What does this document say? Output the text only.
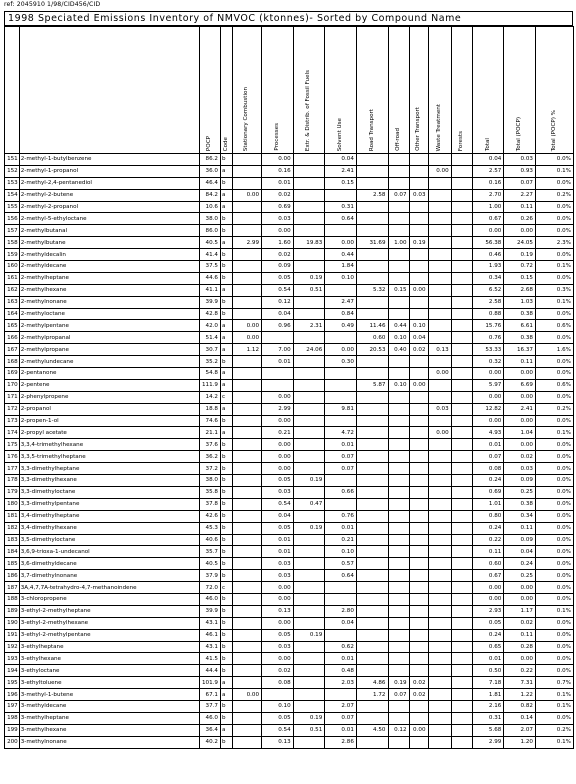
ref: 2045910 1/98/CID456/CID
1998 Speciated Emissions Inventory of NMVOC (ktonnes)- Sorted by Compound Name
		POCP	Code	Stationary Combustion	Processes	Extr. & Distrib. of Fossil Fuels	Solvent Use	Road Transport	Off-road	Other Transport	Waste Treatment	Forests	Total	Total (POCP)	Total (POCP) %
151	2-methyl-1-butylbenzene	86.2	b		0.00		0.04						0.04	0.03	0.0%
152	2-methyl-1-propanol	36.0	a		0.16		2.41				0.00		2.57	0.93	0.1%
153	2-methyl-2,4-pentanediol	46.4	b		0.01		0.15						0.16	0.07	0.0%
154	2-methyl-2-butene	84.2	a	0.00	0.02			2.58	0.07	0.03			2.70	2.27	0.2%
155	2-methyl-2-propanol	10.6	a		0.69		0.31						1.00	0.11	0.0%
156	2-methyl-5-ethyloctane	38.0	b		0.03		0.64						0.67	0.26	0.0%
157	2-methylbutanal	86.0	b		0.00								0.00	0.00	0.0%
158	2-methylbutane	40.5	a	2.99	1.60	19.83	0.00	31.69	1.00	0.19			56.38	24.05	2.3%
159	2-methyldecalin	41.4	b		0.02		0.44						0.46	0.19	0.0%
160	2-methyldecane	37.5	b		0.09		1.84						1.93	0.72	0.1%
161	2-methylheptane	44.6	b		0.05	0.19	0.10						0.34	0.15	0.0%
162	2-methylhexane	41.1	a		0.54	0.51		5.32	0.15	0.00			6.52	2.68	0.3%
163	2-methylnonane	39.9	b		0.12		2.47						2.58	1.03	0.1%
164	2-methyloctane	42.8	b		0.04		0.84						0.88	0.38	0.0%
165	2-methylpentane	42.0	a	0.00	0.96	2.31	0.49	11.46	0.44	0.10			15.76	6.61	0.6%
166	2-methylpropanal	51.4	a	0.00				0.60	0.10	0.04			0.76	0.38	0.0%
167	2-methylpropane	30.7	a	1.12	7.00	24.06	0.00	20.53	0.40	0.02	0.13		53.33	16.37	1.6%
168	2-methylundecane	35.2	b		0.01		0.30						0.32	0.11	0.0%
169	2-pentanone	54.8	a								0.00		0.00	0.00	0.0%
170	2-pentene	111.9	a					5.87	0.10	0.00			5.97	6.69	0.6%
171	2-phenylpropene	14.2	c		0.00								0.00	0.00	0.0%
172	2-propanol	18.8	a		2.99		9.81				0.03		12.82	2.41	0.2%
173	2-propen-1-ol	74.6	b		0.00								0.00	0.00	0.0%
174	2-propyl acetate	21.1	a		0.21		4.72				0.00		4.93	1.04	0.1%
175	3,3,4-trimethylhexane	37.6	b		0.00		0.01						0.01	0.00	0.0%
176	3,3,5-trimethylheptane	36.2	b		0.00		0.07						0.07	0.02	0.0%
177	3,3-dimethylheptane	37.2	b		0.00		0.07						0.08	0.03	0.0%
178	3,3-dimethylhexane	38.0	b		0.05	0.19							0.24	0.09	0.0%
179	3,3-dimethyloctane	35.8	b		0.03		0.66						0.69	0.25	0.0%
180	3,3-dimethylpentane	37.8	b		0.54	0.47							1.01	0.38	0.0%
181	3,4-dimethylheptane	42.6	b		0.04		0.76						0.80	0.34	0.0%
182	3,4-dimethylhexane	45.3	b		0.05	0.19	0.01						0.24	0.11	0.0%
183	3,5-dimethyloctane	40.6	b		0.01		0.21						0.22	0.09	0.0%
184	3,6,9-trioxa-1-undecanol	35.7	b		0.01		0.10						0.11	0.04	0.0%
185	3,6-dimethyldecane	40.5	b		0.03		0.57						0.60	0.24	0.0%
186	3,7-dimethylnonane	37.9	b		0.03		0.64						0.67	0.25	0.0%
187	3A,4,7,7A-tetrahydro-4,7-methanoindene	72.0	c		0.00								0.00	0.00	0.0%
188	3-chloropropene	46.0	b		0.00								0.00	0.00	0.0%
189	3-ethyl-2-methylheptane	39.9	b		0.13		2.80						2.93	1.17	0.1%
190	3-ethyl-2-methylhexane	43.1	b		0.00		0.04						0.05	0.02	0.0%
191	3-ethyl-2-methylpentane	46.1	b		0.05	0.19							0.24	0.11	0.0%
192	3-ethylheptane	43.1	b		0.03		0.62						0.65	0.28	0.0%
193	3-ethylhexane	41.5	b		0.00		0.01						0.01	0.00	0.0%
194	3-ethyloctane	44.4	b		0.02		0.48						0.50	0.22	0.0%
195	3-ethyltoluene	101.9	a		0.08		2.03	4.86	0.19	0.02			7.18	7.31	0.7%
196	3-methyl-1-butene	67.1	a	0.00				1.72	0.07	0.02			1.81	1.22	0.1%
197	3-methyldecane	37.7	b		0.10		2.07						2.16	0.82	0.1%
198	3-methylheptane	46.0	b		0.05	0.19	0.07						0.31	0.14	0.0%
199	3-methylhexane	36.4	a		0.54	0.51	0.01	4.50	0.12	0.00			5.68	2.07	0.2%
200	3-methylnonane	40.2	b		0.13		2.86						2.99	1.20	0.1%
